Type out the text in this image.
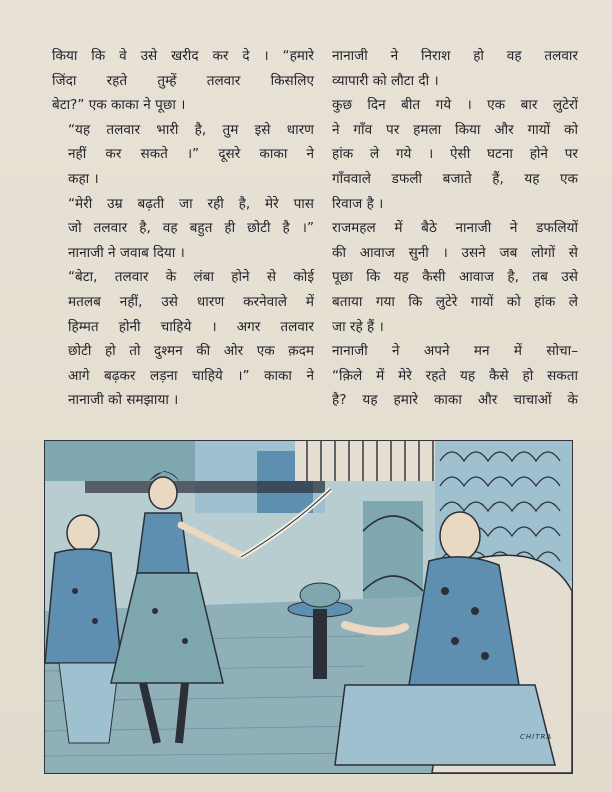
किया कि वे उसे खरीद कर दे । “हमारे
जिंदा रहते तुम्हें तलवार किसलिए
बेटा?” एक काका ने पूछा ।

“यह तलवार भारी है, तुम इसे धारण
नहीं कर सकते ।” दूसरे काका ने
कहा ।

“मेरी उम्र बढ़ती जा रही है, मेरे पास
जो तलवार है, वह बहुत ही छोटी है ।”
नानाजी ने जवाब दिया ।

“बेटा, तलवार के लंबा होने से कोई
मतलब नहीं, उसे धारण करनेवाले में
हिम्मत होनी चाहिये । अगर तलवार
छोटी हो तो दुश्मन की ओर एक क़दम
आगे बढ़कर लड़ना चाहिये ।” काका ने
नानाजी को समझाया ।

नानाजी ने निराश हो वह तलवार
व्यापारी को लौटा दी ।

कुछ दिन बीत गये । एक बार लुटेरों
ने गाँव पर हमला किया और गायों को
हांक ले गये । ऐसी घटना होने पर
गाँववाले डफली बजाते हैं, यह एक
रिवाज है ।

राजमहल में बैठे नानाजी ने डफलियों
की आवाज सुनी । उसने जब लोगों से
पूछा कि यह कैसी आवाज है, तब उसे
बताया गया कि लुटेरे गायों को हांक ले
जा रहे हैं ।

नानाजी ने अपने मन में सोचा–
“क़िले में मेरे रहते यह कैसे हो सकता
है? यह हमारे काका और चाचाओं के

CHITRA
